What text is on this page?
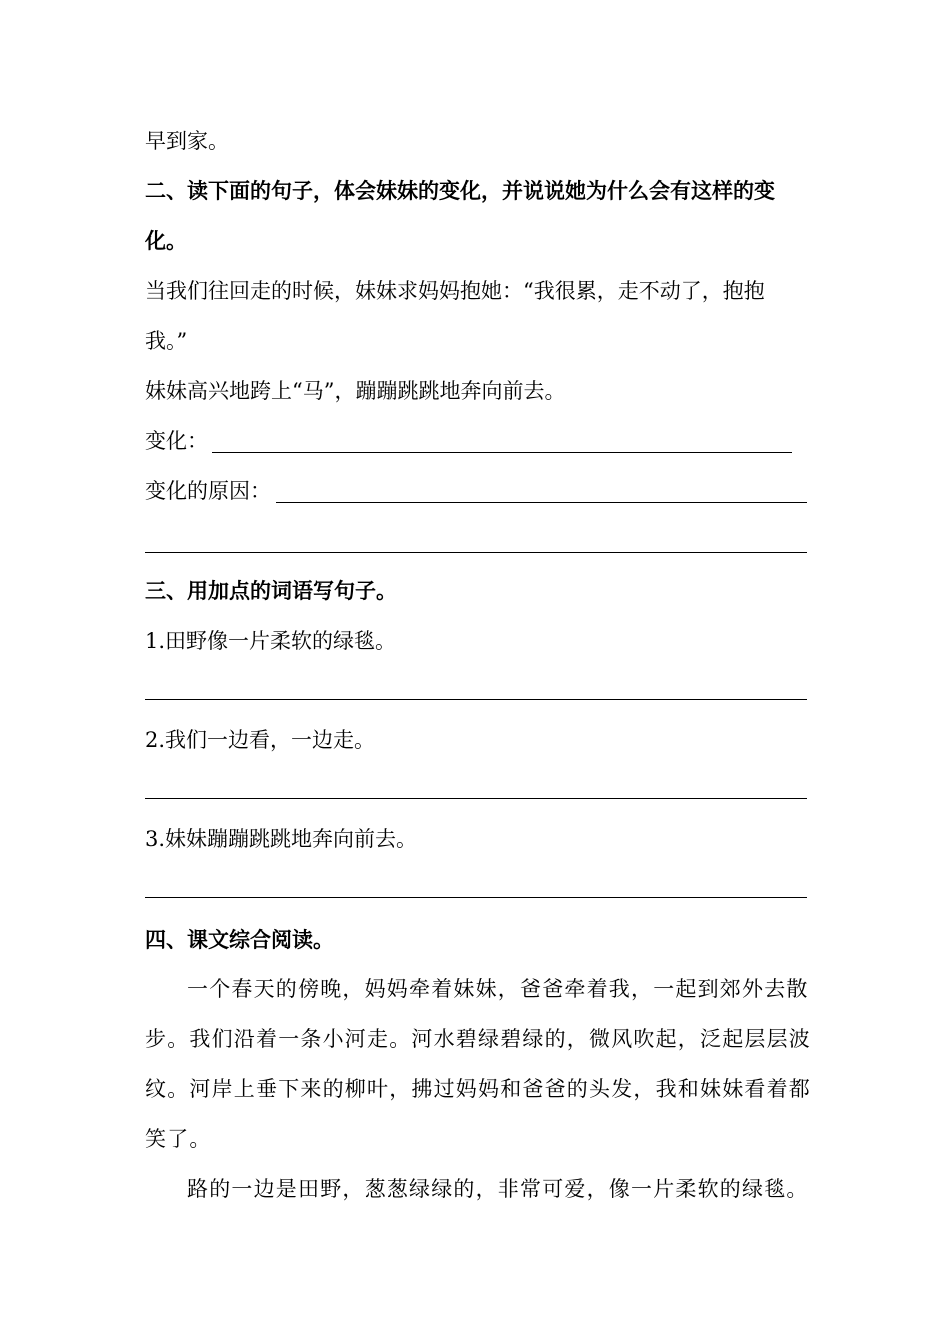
早到家。
二、读下面的句子，体会妹妹的变化，并说说她为什么会有这样的变
化。
当我们往回走的时候，妹妹求妈妈抱她：“我很累，走不动了，抱抱
我。”
妹妹高兴地跨上“马”，蹦蹦跳跳地奔向前去。
变化：
变化的原因：
三、用加点的词语写句子。
1.田野像一片柔软的绿毯。
2.我们一边看，一边走。
3.妹妹蹦蹦跳跳地奔向前去。
四、课文综合阅读。
一个春天的傍晚，妈妈牵着妹妹，爸爸牵着我，一起到郊外去散
步。我们沿着一条小河走。河水碧绿碧绿的，微风吹起，泛起层层波
纹。河岸上垂下来的柳叶，拂过妈妈和爸爸的头发，我和妹妹看着都
笑了。
路的一边是田野，葱葱绿绿的，非常可爱，像一片柔软的绿毯。
